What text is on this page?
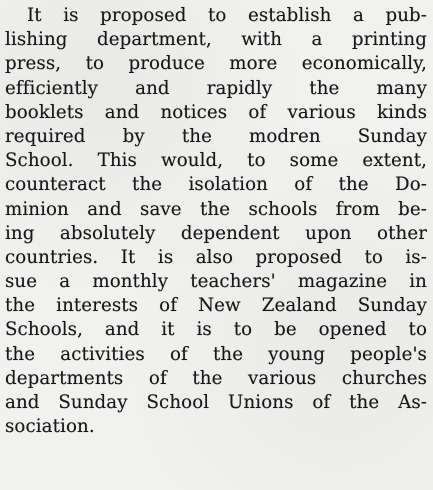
It is proposed to establish a pub-
lishing department, with a printing
press, to produce more economically,
efficiently and rapidly the many
booklets and notices of various kinds
required by the modren Sunday
School. This would, to some extent,
counteract the isolation of the Do-
minion and save the schools from be-
ing absolutely dependent upon other
countries. It is also proposed to is-
sue a monthly teachers' magazine in
the interests of New Zealand Sunday
Schools, and it is to be opened to
the activities of the young people's
departments of the various churches
and Sunday School Unions of the As-
sociation.
